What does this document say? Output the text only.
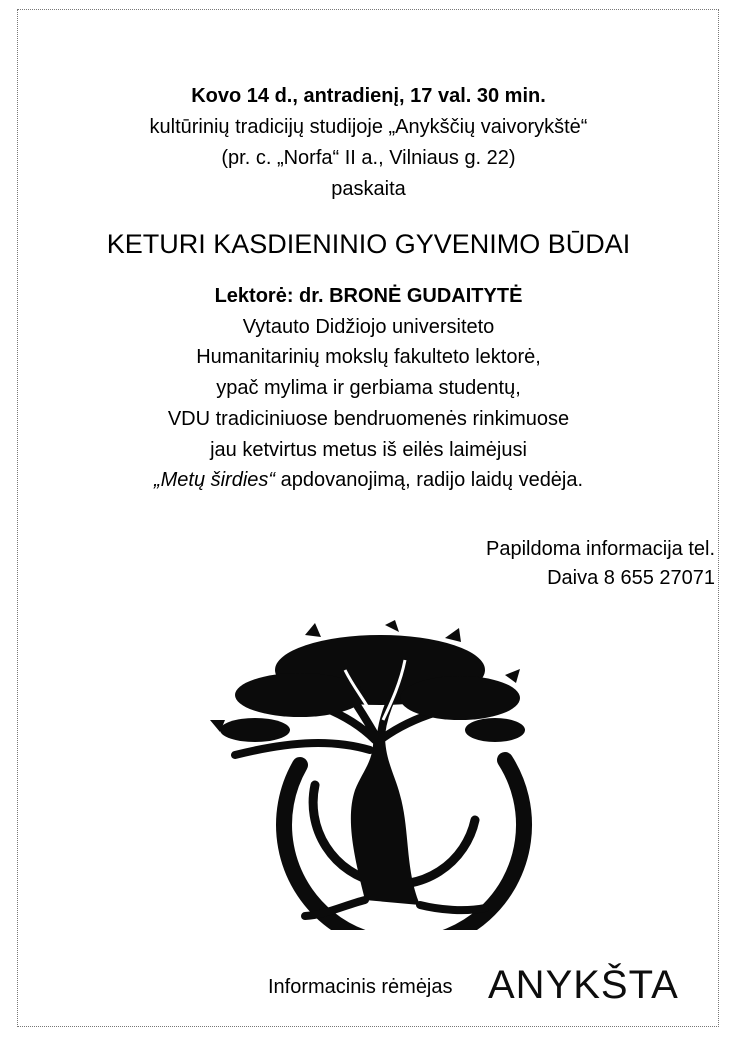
Kovo 14 d., antradienį, 17 val. 30 min.
kultūrinių tradicijų studijoje „Anykščių vaivorykštė“
(pr. c. „Norfa“ II a., Vilniaus g. 22)
paskaita
KETURI KASDIENINIO GYVENIMO BŪDAI
Lektorė: dr. BRONĖ GUDAITYTĖ
Vytauto Didžiojo universiteto
Humanitarinių mokslų fakulteto lektorė,
ypač mylima ir gerbiama studentų,
VDU tradiciniuose bendruomenės rinkimuose
jau ketvirtus metus iš eilės laimėjusi
„Metų širdies“ apdovanojimą, radijo laidų vedėja.
Papildoma informacija tel.
Daiva 8 655 27071
Informacinis rėmėjas ANYKŠTA
